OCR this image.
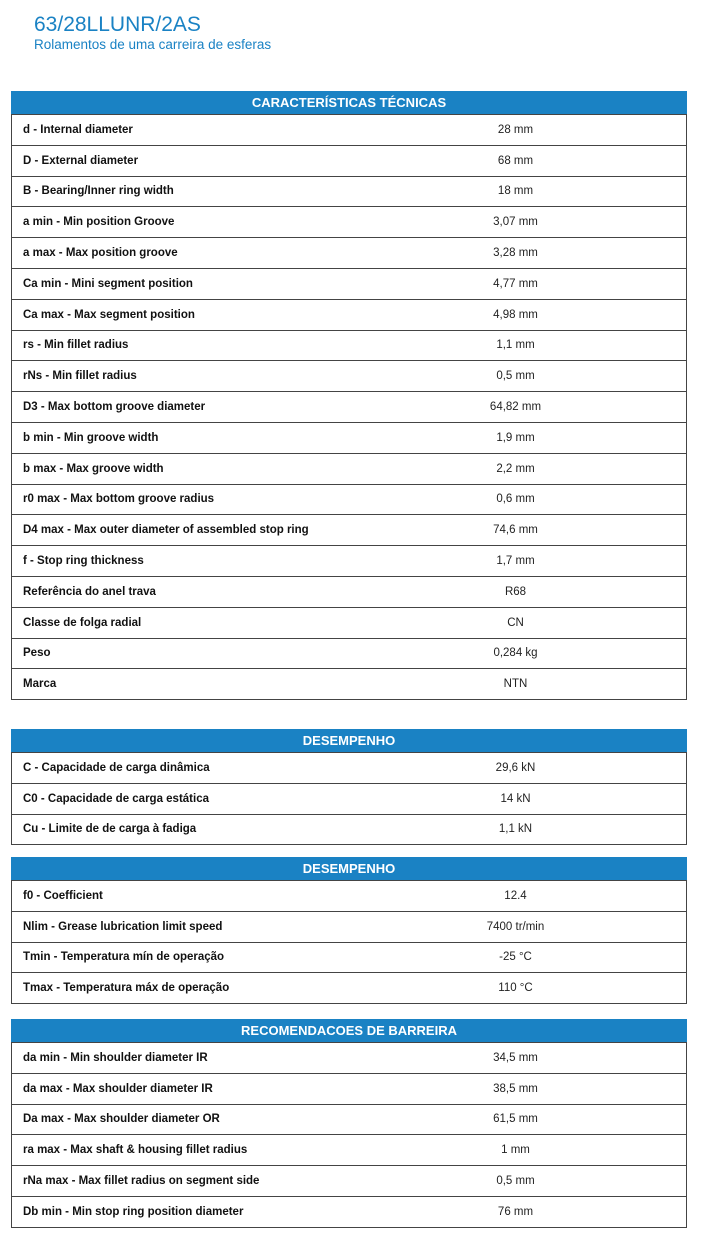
63/28LLUNR/2AS
Rolamentos de uma carreira de esferas
CARACTERÍSTICAS TÉCNICAS
d - Internal diameter	28 mm
D - External diameter	68 mm
B - Bearing/Inner ring width	18 mm
a min - Min position Groove	3,07 mm
a max - Max position groove	3,28 mm
Ca min - Mini segment position	4,77 mm
Ca max - Max segment position	4,98 mm
rs - Min fillet radius	1,1 mm
rNs - Min fillet radius	0,5 mm
D3 - Max bottom groove diameter	64,82 mm
b min - Min groove width	1,9 mm
b max - Max groove width	2,2 mm
r0 max - Max bottom groove radius	0,6 mm
D4 max - Max outer diameter of assembled stop ring	74,6 mm
f - Stop ring thickness	1,7 mm
Referência do anel trava	R68
Classe de folga radial	CN
Peso	0,284 kg
Marca	NTN
DESEMPENHO
C - Capacidade de carga dinâmica	29,6 kN
C0 - Capacidade de carga estática	14 kN
Cu - Limite de de carga à fadiga	1,1 kN
DESEMPENHO
f0 - Coefficient	12.4
Nlim - Grease lubrication limit speed	7400 tr/min
Tmin - Temperatura mín de operação	-25 °C
Tmax - Temperatura máx de operação	110 °C
RECOMENDACOES DE BARREIRA
da min - Min shoulder diameter IR	34,5 mm
da max - Max shoulder diameter IR	38,5 mm
Da max - Max shoulder diameter OR	61,5 mm
ra max - Max shaft & housing fillet radius	1 mm
rNa max - Max fillet radius on segment side	0,5 mm
Db min - Min stop ring position diameter	76 mm
